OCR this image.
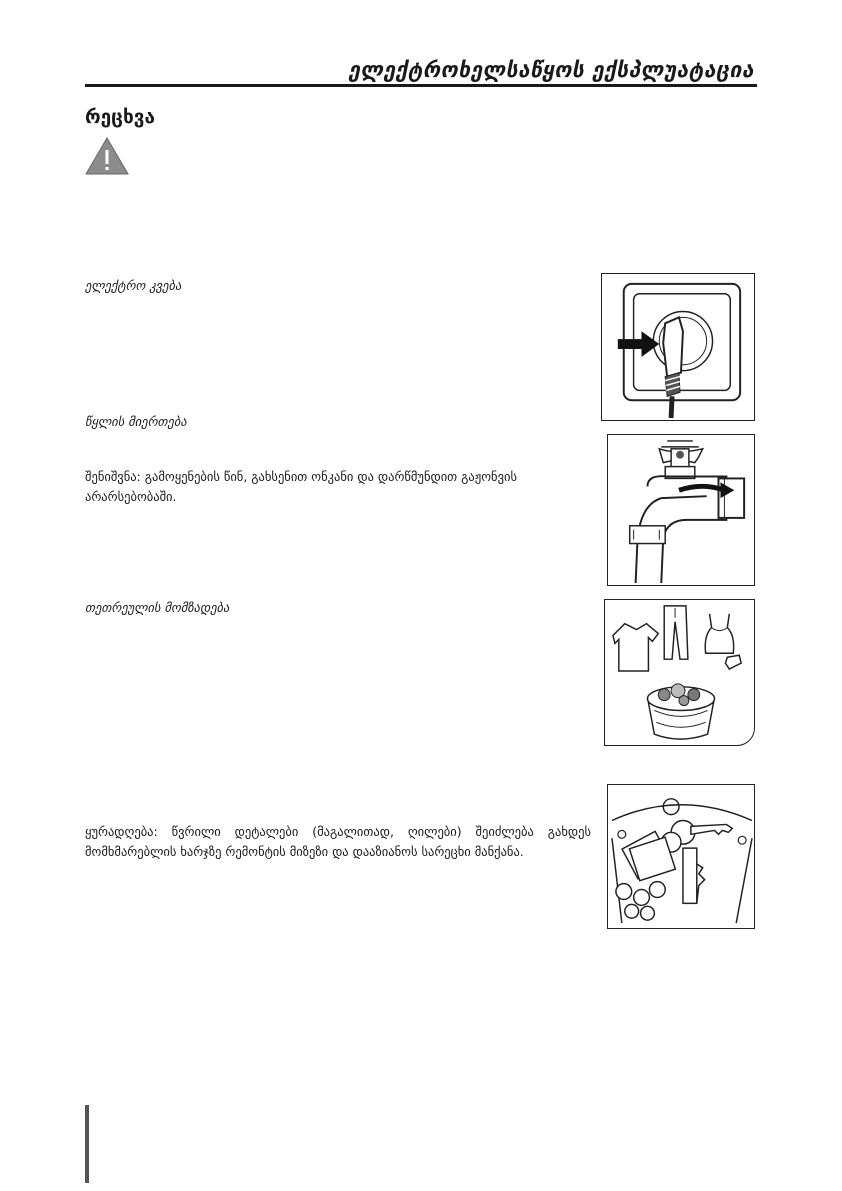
ელექტროხელსაწყოს ექსპლუატაცია
რეცხვა
ელექტრო კვება
წყლის მიერთება
შენიშვნა: გამოყენების წინ, გახსენით ონკანი და დარწმუნდით გაჟონვის არარსებობაში.
თეთრეულის მომზადება
ყურადღება: წვრილი დეტალები (მაგალითად, ღილები) შეიძლება გახდეს მომხმარებლის ხარჯზე რემონტის მიზეზი და დააზიანოს სარეცხი მანქანა.
